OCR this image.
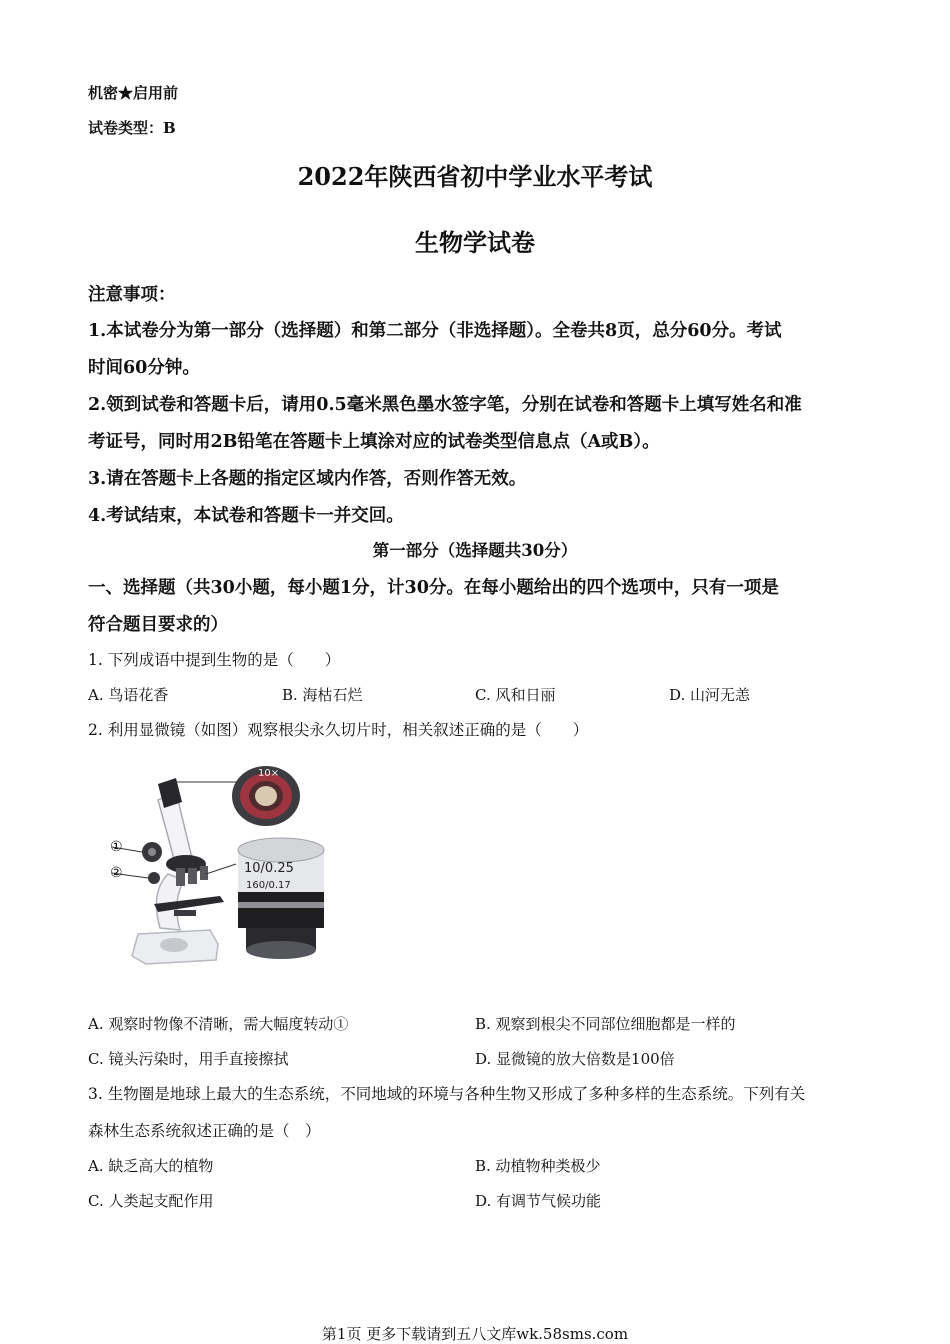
机密★启用前
试卷类型：B
2022年陕西省初中学业水平考试
生物学试卷
注意事项：
1.本试卷分为第一部分（选择题）和第二部分（非选择题）。全卷共8页，总分60分。考试
时间60分钟。
2.领到试卷和答题卡后，请用0.5毫米黑色墨水签字笔，分别在试卷和答题卡上填写姓名和准
考证号，同时用2B铅笔在答题卡上填涂对应的试卷类型信息点（A或B）。
3.请在答题卡上各题的指定区域内作答，否则作答无效。
4.考试结束，本试卷和答题卡一并交回。
第一部分（选择题共30分）
一、选择题（共30小题，每小题1分，计30分。在每小题给出的四个选项中，只有一项是
符合题目要求的）
1. 下列成语中提到生物的是（　　）
A. 鸟语花香	B. 海枯石烂	C. 风和日丽	D. 山河无恙
2. 利用显微镜（如图）观察根尖永久切片时，相关叙述正确的是（　　）
①
②
10×
10/0.25
160/0.17
A. 观察时物像不清晰，需大幅度转动①	B. 观察到根尖不同部位细胞都是一样的
C. 镜头污染时，用手直接擦拭	D. 显微镜的放大倍数是100倍
3. 生物圈是地球上最大的生态系统，不同地域的环境与各种生物又形成了多种多样的生态系统。下列有关
森林生态系统叙述正确的是（　）
A. 缺乏高大的植物	B. 动植物种类极少
C. 人类起支配作用	D. 有调节气候功能
第1页 更多下载请到五八文库wk.58sms.com
